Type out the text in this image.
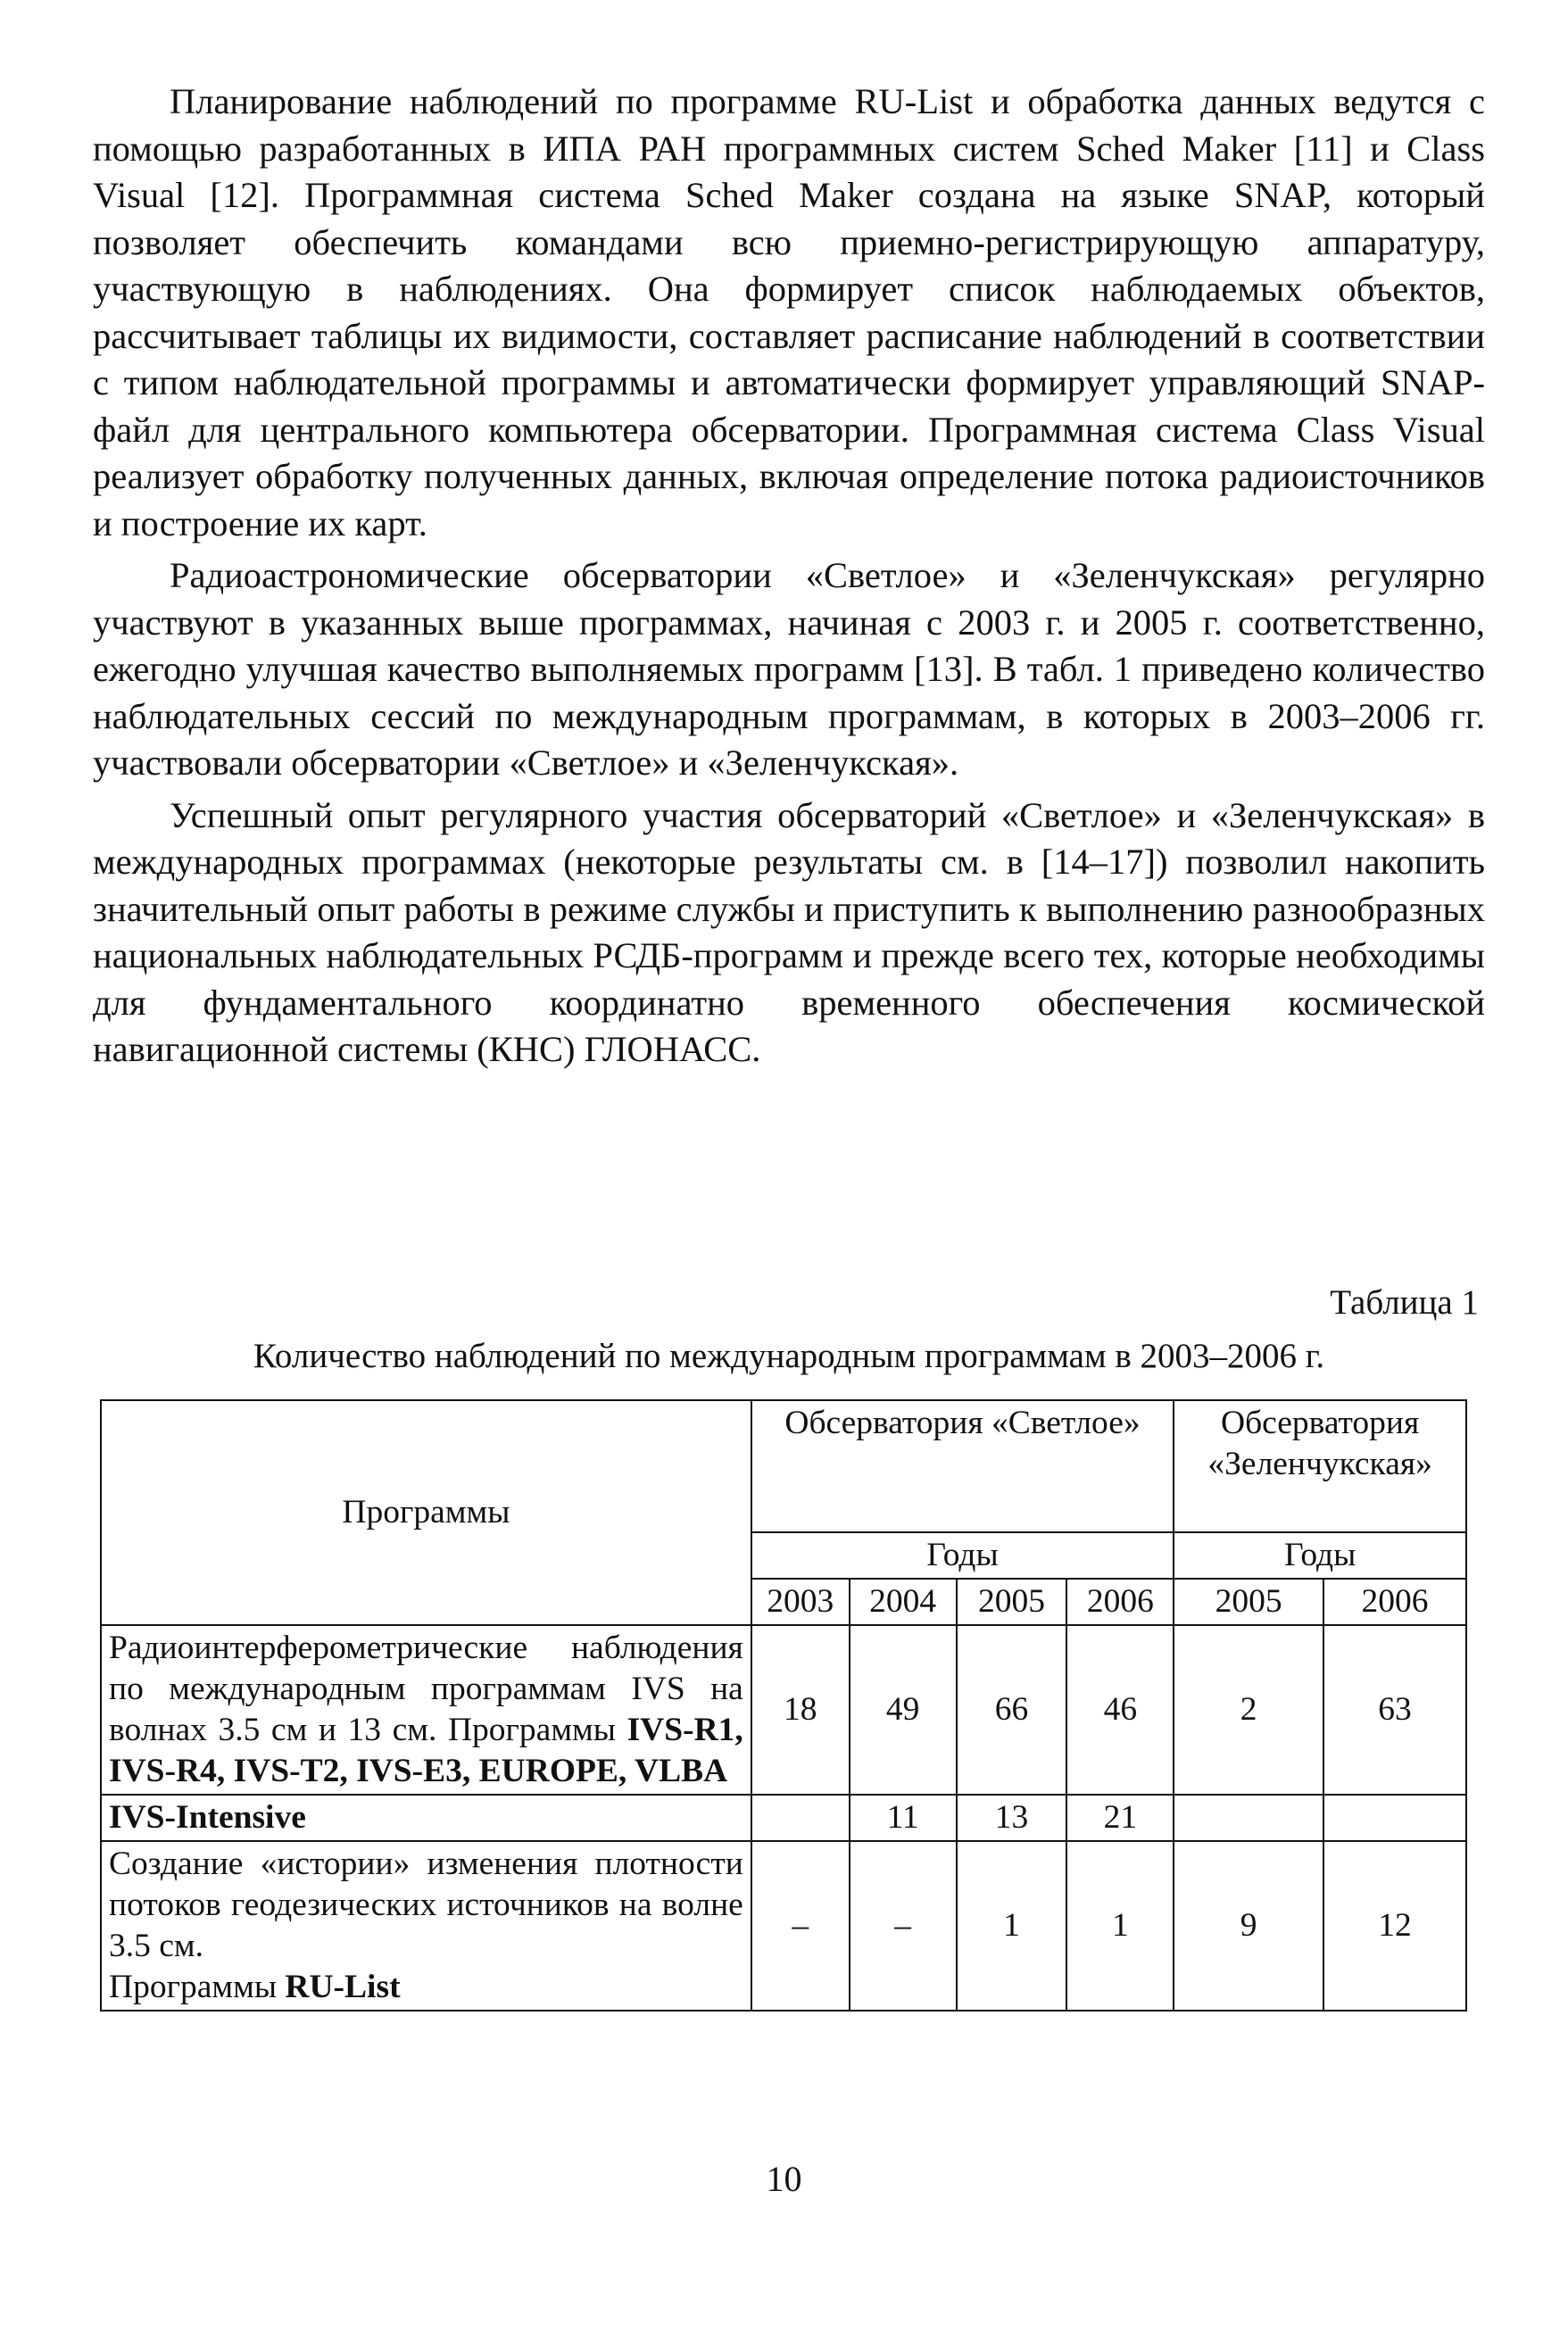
Планирование наблюдений по программе RU-List и обработка данных ведутся с помощью разработанных в ИПА РАН программных систем Sched Maker [11] и Class Visual [12]. Программная система Sched Maker создана на языке SNAP, который позволяет обеспечить командами всю приемно-регистрирующую аппаратуру, участвующую в наблюдениях. Она формирует список наблюдаемых объектов, рассчитывает таблицы их видимости, составляет расписание наблюдений в соответствии с типом наблюдательной программы и автоматически формирует управляющий SNAP-файл для центрального компьютера обсерватории. Программная система Class Visual реализует обработку полученных данных, включая определение потока радиоисточников и построение их карт.

Радиоастрономические обсерватории «Светлое» и «Зеленчукская» регулярно участвуют в указанных выше программах, начиная с 2003 г. и 2005 г. соответственно, ежегодно улучшая качество выполняемых программ [13]. В табл. 1 приведено количество наблюдательных сессий по международным программам, в которых в 2003–2006 гг. участвовали обсерватории «Светлое» и «Зеленчукская».

Успешный опыт регулярного участия обсерваторий «Светлое» и «Зеленчукская» в международных программах (некоторые результаты см. в [14–17]) позволил накопить значительный опыт работы в режиме службы и приступить к выполнению разнообразных национальных наблюдательных РСДБ-программ и прежде всего тех, которые необходимы для фундаментального координатно временного обеспечения космической навигационной системы (КНС) ГЛОНАСС.

Таблица 1
Количество наблюдений по международным программам в 2003–2006 г.
Программы	Обсерватория «Светлое»				Обсерватория
«Зеленчукская»	
	Годы				Годы	
	2003	2004	2005	2006	2005	2006
Радиоинтерферометрические наблюдения по международным программам IVS на волнах 3.5 см и 13 см. Программы IVS-R1, IVS-R4, IVS-T2, IVS-E3, EUROPE, VLBA	18	49	66	46	2	63
IVS-Intensive		11	13	21		
Создание «истории» изменения плотности потоков геодезических источников на волне 3.5 см.
Программы RU-List	–	–	1	1	9	12
10
